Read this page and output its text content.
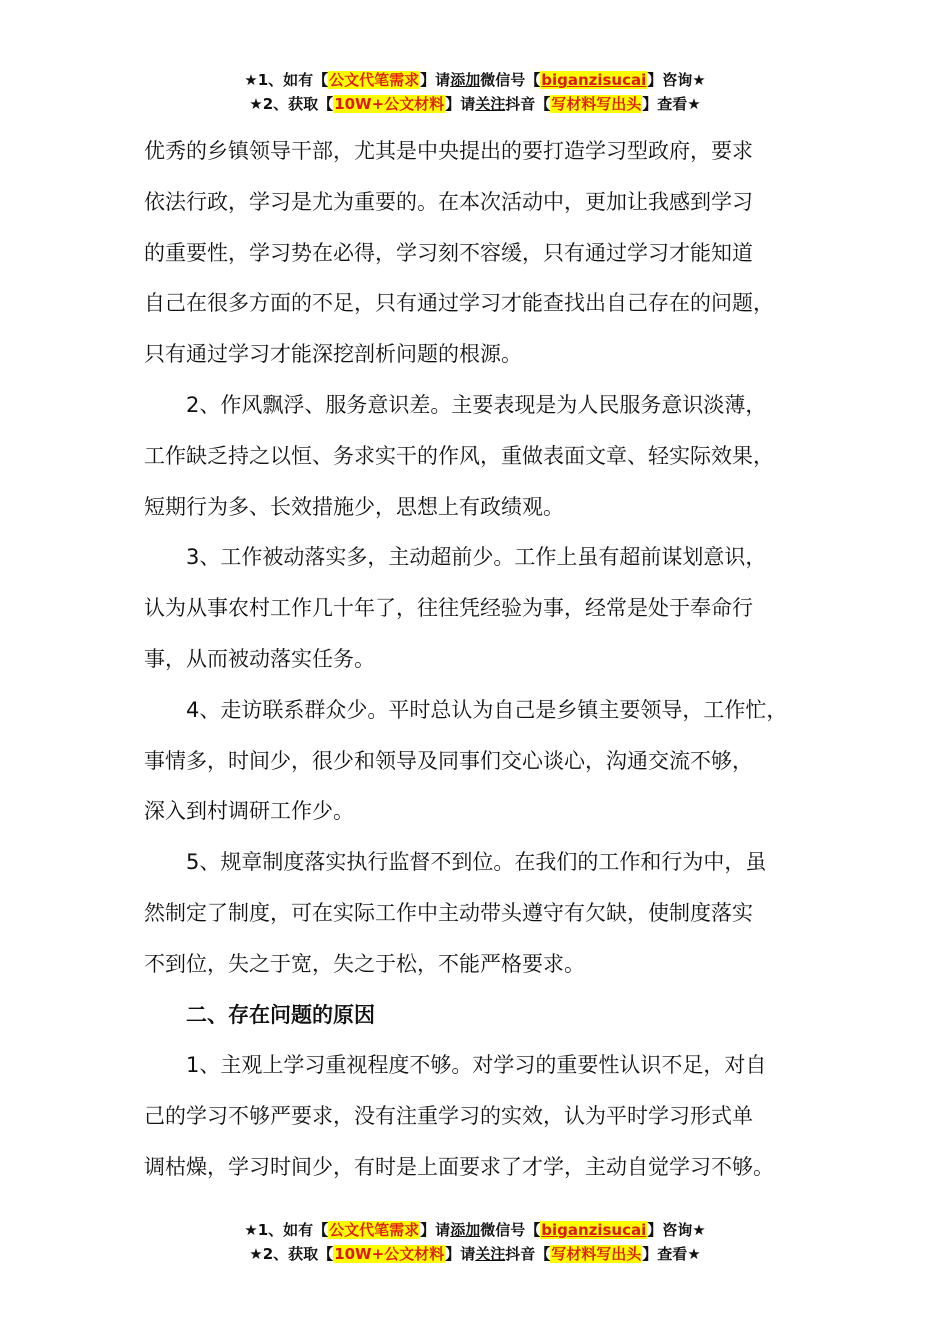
★1、如有【公文代笔需求】请添加微信号【biganzisucai】咨询★
★2、获取【10W+公文材料】请关注抖音【写材料写出头】查看★

优秀的乡镇领导干部，尤其是中央提出的要打造学习型政府，要求

依法行政，学习是尤为重要的。在本次活动中，更加让我感到学习

的重要性，学习势在必得，学习刻不容缓，只有通过学习才能知道

自己在很多方面的不足，只有通过学习才能查找出自己存在的问题，

只有通过学习才能深挖剖析问题的根源。

2、作风飘浮、服务意识差。主要表现是为人民服务意识淡薄，

工作缺乏持之以恒、务求实干的作风，重做表面文章、轻实际效果，

短期行为多、长效措施少，思想上有政绩观。

3、工作被动落实多，主动超前少。工作上虽有超前谋划意识，

认为从事农村工作几十年了，往往凭经验为事，经常是处于奉命行

事，从而被动落实任务。

4、走访联系群众少。平时总认为自己是乡镇主要领导，工作忙，

事情多，时间少，很少和领导及同事们交心谈心，沟通交流不够，

深入到村调研工作少。

5、规章制度落实执行监督不到位。在我们的工作和行为中，虽

然制定了制度，可在实际工作中主动带头遵守有欠缺，使制度落实

不到位，失之于宽，失之于松，不能严格要求。

二、存在问题的原因

1、主观上学习重视程度不够。对学习的重要性认识不足，对自

己的学习不够严要求，没有注重学习的实效，认为平时学习形式单

调枯燥，学习时间少，有时是上面要求了才学，主动自觉学习不够。

★1、如有【公文代笔需求】请添加微信号【biganzisucai】咨询★
★2、获取【10W+公文材料】请关注抖音【写材料写出头】查看★
